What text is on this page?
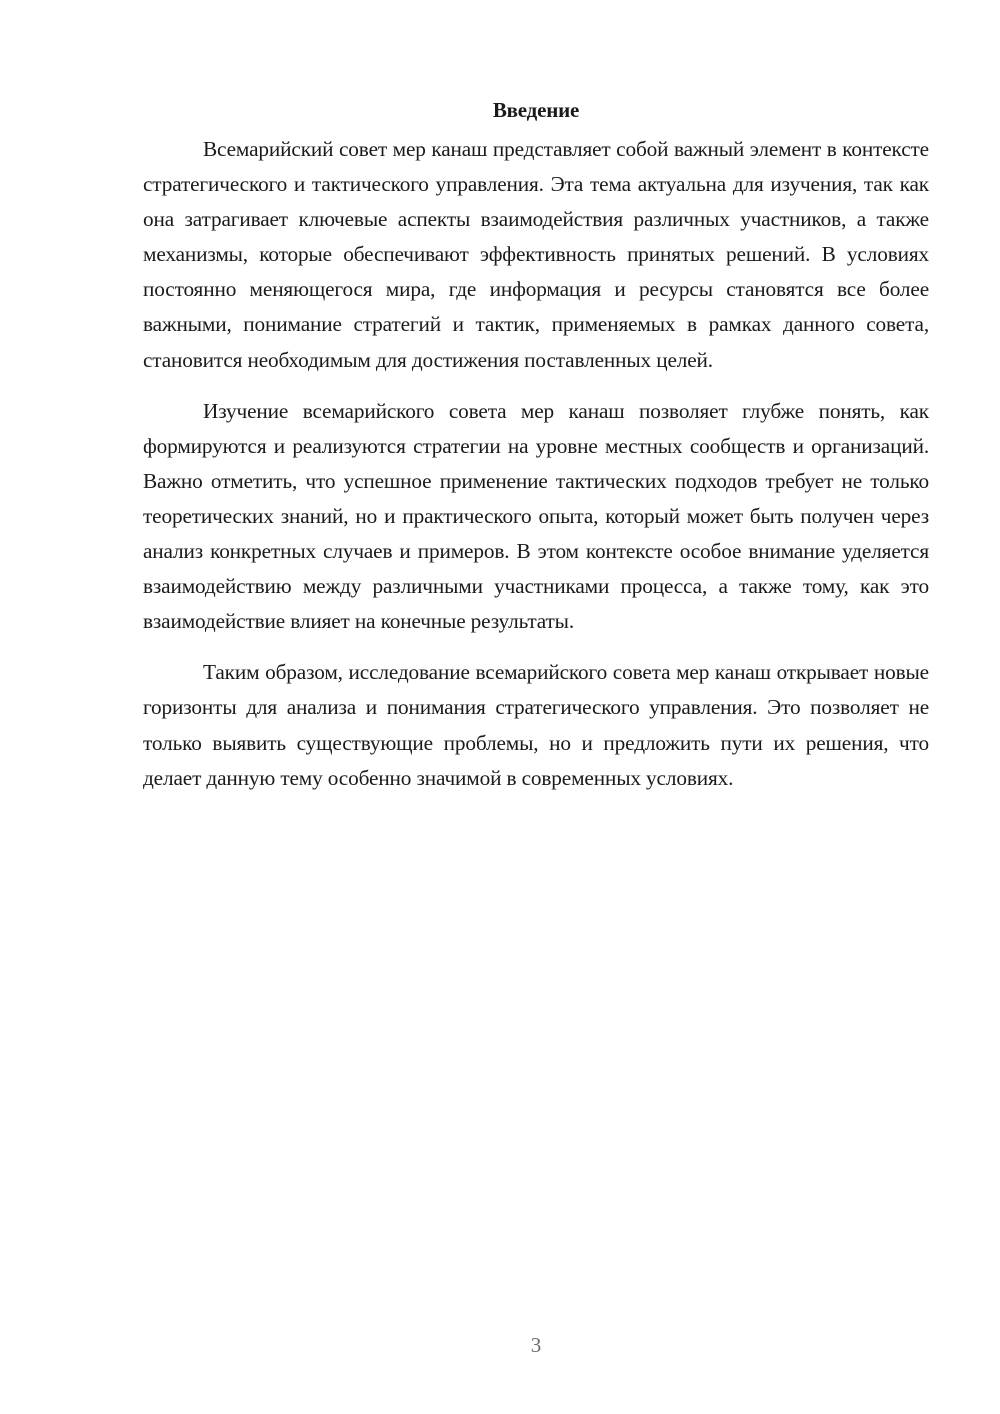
Введение

Всемарийский совет мер канаш представляет собой важный элемент в контексте стратегического и тактического управления. Эта тема актуальна для изучения, так как она затрагивает ключевые аспекты взаимодействия различных участников, а также механизмы, которые обеспечивают эффективность принятых решений. В условиях постоянно меняющегося мира, где информация и ресурсы становятся все более важными, понимание стратегий и тактик, применяемых в рамках данного совета, становится необходимым для достижения поставленных целей.

Изучение всемарийского совета мер канаш позволяет глубже понять, как формируются и реализуются стратегии на уровне местных сообществ и организаций. Важно отметить, что успешное применение тактических подходов требует не только теоретических знаний, но и практического опыта, который может быть получен через анализ конкретных случаев и примеров. В этом контексте особое внимание уделяется взаимодействию между различными участниками процесса, а также тому, как это взаимодействие влияет на конечные результаты.

Таким образом, исследование всемарийского совета мер канаш открывает новые горизонты для анализа и понимания стратегического управления. Это позволяет не только выявить существующие проблемы, но и предложить пути их решения, что делает данную тему особенно значимой в современных условиях.

3
